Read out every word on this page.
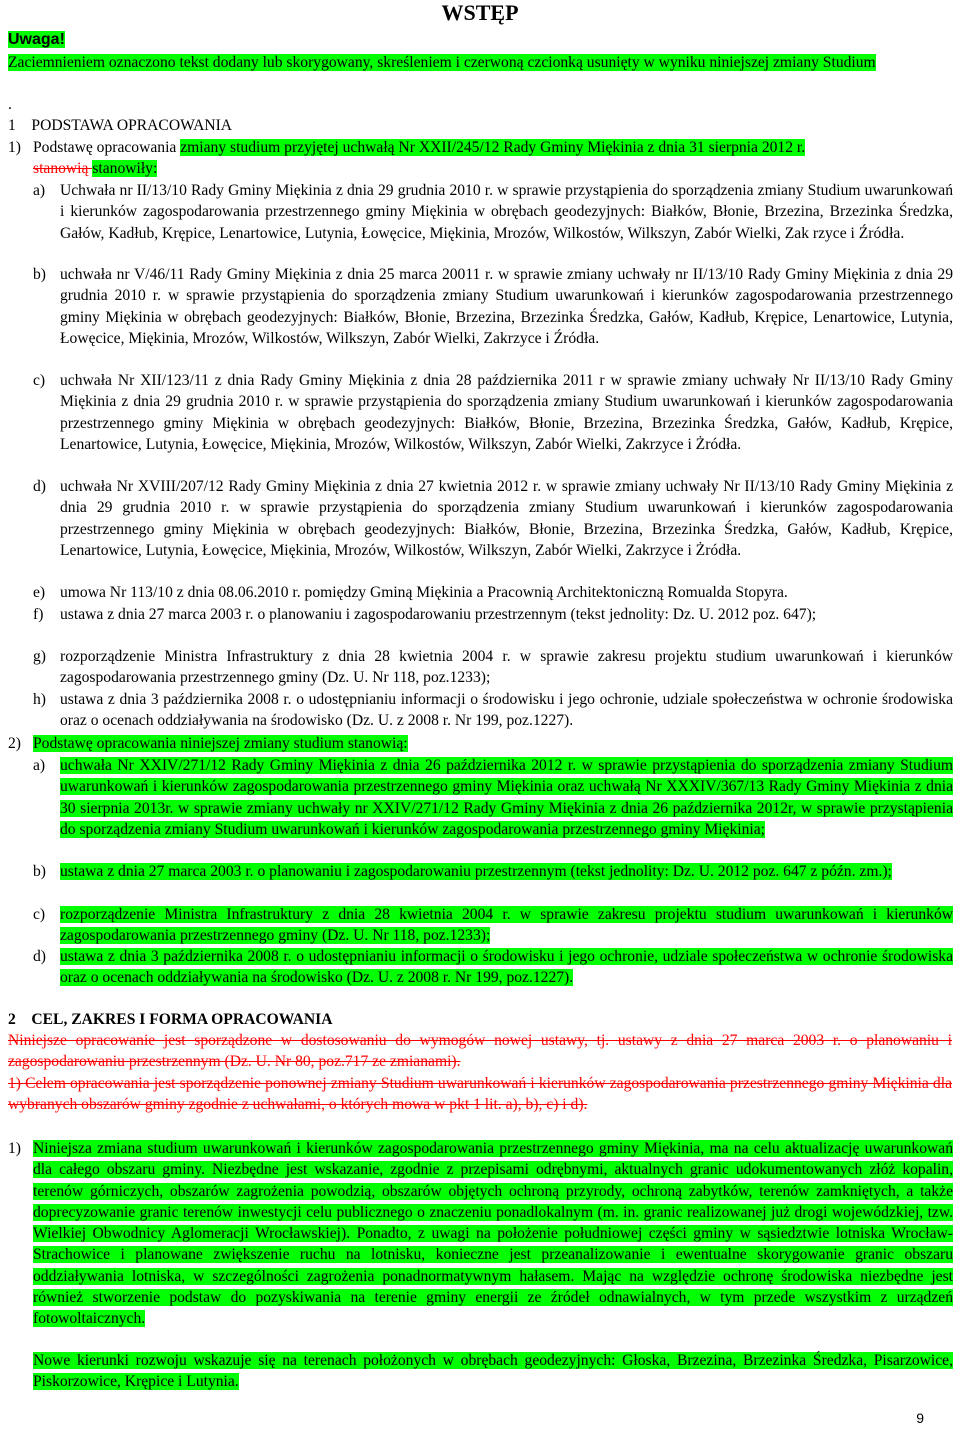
WSTĘP
Uwaga!
Zaciemnieniem oznaczono tekst dodany lub skorygowany, skreśleniem i czerwoną czcionką usunięty w wyniku niniejszej zmiany Studium
.
1    PODSTAWA OPRACOWANIA
1) Podstawę opracowania zmiany studium przyjętej uchwałą Nr XXII/245/12 Rady Gminy Miękinia z dnia 31 sierpnia 2012 r.
stanowią stanowiły:
a) Uchwała nr II/13/10 Rady Gminy Miękinia z dnia 29 grudnia 2010 r. w sprawie przystąpienia do sporządzenia zmiany Studium uwarunkowań i kierunków zagospodarowania przestrzennego gminy Miękinia w obrębach geodezyjnych: Białków, Błonie, Brzezina, Brzezinka Średzka, Gałów, Kadłub, Krępice, Lenartowice, Lutynia, Łowęcice, Miękinia, Mrozów, Wilkostów, Wilkszyn, Zabór Wielki, Zak rzyce i Źródła.
b) uchwała nr V/46/11 Rady Gminy Miękinia z dnia 25 marca 20011 r. w sprawie zmiany uchwały nr II/13/10 Rady Gminy Miękinia z dnia 29 grudnia 2010 r. w sprawie przystąpienia do sporządzenia zmiany Studium uwarunkowań i kierunków zagospodarowania przestrzennego gminy Miękinia w obrębach geodezyjnych: Białków, Błonie, Brzezina, Brzezinka Średzka, Gałów, Kadłub, Krępice, Lenartowice, Lutynia, Łowęcice, Miękinia, Mrozów, Wilkostów, Wilkszyn, Zabór Wielki, Zakrzyce i Źródła.
c) uchwała Nr XII/123/11 z dnia Rady Gminy Miękinia z dnia 28 października 2011 r w sprawie zmiany uchwały Nr II/13/10 Rady Gminy Miękinia z dnia 29 grudnia 2010 r. w sprawie przystąpienia do sporządzenia zmiany Studium uwarunkowań i kierunków zagospodarowania przestrzennego gminy Miękinia w obrębach geodezyjnych: Białków, Błonie, Brzezina, Brzezinka Średzka, Gałów, Kadłub, Krępice, Lenartowice, Lutynia, Łowęcice, Miękinia, Mrozów, Wilkostów, Wilkszyn, Zabór Wielki, Zakrzyce i Żródła.
d) uchwała Nr XVIII/207/12 Rady Gminy Miękinia z dnia 27 kwietnia 2012 r. w sprawie zmiany uchwały Nr II/13/10 Rady Gminy Miękinia z dnia 29 grudnia 2010 r. w sprawie przystąpienia do sporządzenia zmiany Studium uwarunkowań i kierunków zagospodarowania przestrzennego gminy Miękinia w obrębach geodezyjnych: Białków, Błonie, Brzezina, Brzezinka Średzka, Gałów, Kadłub, Krępice, Lenartowice, Lutynia, Łowęcice, Miękinia, Mrozów, Wilkostów, Wilkszyn, Zabór Wielki, Zakrzyce i Żródła.
e) umowa Nr 113/10 z dnia 08.06.2010 r. pomiędzy Gminą Miękinia a Pracownią Architektoniczną Romualda Stopyra.
f) ustawa z dnia 27 marca 2003 r. o planowaniu i zagospodarowaniu przestrzennym (tekst jednolity: Dz. U. 2012 poz. 647);
g) rozporządzenie Ministra Infrastruktury z dnia 28 kwietnia 2004 r. w sprawie zakresu projektu studium uwarunkowań i kierunków zagospodarowania przestrzennego gminy (Dz. U. Nr 118, poz.1233);
h) ustawa z dnia 3 października 2008 r. o udostępnianiu informacji o środowisku i jego ochronie, udziale społeczeństwa w ochronie środowiska oraz o ocenach oddziaływania na środowisko (Dz. U. z 2008 r. Nr 199, poz.1227).
2) Podstawę opracowania niniejszej zmiany studium stanowią:
a) uchwała Nr XXIV/271/12 Rady Gminy Miękinia z dnia 26 października 2012 r. w sprawie przystąpienia do sporządzenia zmiany Studium uwarunkowań i kierunków zagospodarowania przestrzennego gminy Miękinia oraz uchwałą Nr XXXIV/367/13 Rady Gminy Miękinia z dnia 30 sierpnia 2013r. w sprawie zmiany uchwały nr XXIV/271/12 Rady Gminy Miękinia z dnia 26 października 2012r, w sprawie przystąpienia do sporządzenia zmiany Studium uwarunkowań i kierunków zagospodarowania przestrzennego gminy Miękinia;
b) ustawa z dnia 27 marca 2003 r. o planowaniu i zagospodarowaniu przestrzennym (tekst jednolity: Dz. U. 2012 poz. 647 z późn. zm.);
c) rozporządzenie Ministra Infrastruktury z dnia 28 kwietnia 2004 r. w sprawie zakresu projektu studium uwarunkowań i kierunków zagospodarowania przestrzennego gminy (Dz. U. Nr 118, poz.1233);
d) ustawa z dnia 3 października 2008 r. o udostępnianiu informacji o środowisku i jego ochronie, udziale społeczeństwa w ochronie środowiska oraz o ocenach oddziaływania na środowisko (Dz. U. z 2008 r. Nr 199, poz.1227).
2    CEL, ZAKRES I FORMA OPRACOWANIA
Niniejsze opracowanie jest sporządzone w dostosowaniu do wymogów nowej ustawy, tj. ustawy z dnia 27 marca 2003 r. o planowaniu i zagospodarowaniu przestrzennym (Dz. U. Nr 80, poz.717 ze zmianami).
1) Celem opracowania jest sporządzenie ponownej zmiany Studium uwarunkowań i kierunków zagospodarowania przestrzennego gminy Miękinia dla wybranych obszarów gminy zgodnie z uchwałami, o których mowa w pkt 1 lit. a), b), c) i d).
1) Niniejsza zmiana studium uwarunkowań i kierunków zagospodarowania przestrzennego gminy Miękinia, ma na celu aktualizację uwarunkowań dla całego obszaru gminy. Niezbędne jest wskazanie, zgodnie z przepisami odrębnymi, aktualnych granic udokumentowanych złóż kopalin, terenów górniczych, obszarów zagrożenia powodzią, obszarów objętych ochroną przyrody, ochroną zabytków, terenów zamkniętych, a także doprecyzowanie granic terenów inwestycji celu publicznego o znaczeniu ponadlokalnym (m. in. granic realizowanej już drogi wojewódzkiej, tzw. Wielkiej Obwodnicy Aglomeracji Wrocławskiej). Ponadto, z uwagi na położenie południowej części gminy w sąsiedztwie lotniska Wrocław-Strachowice i planowane zwiększenie ruchu na lotnisku, konieczne jest przeanalizowanie i ewentualne skorygowanie granic obszaru oddziaływania lotniska, w szczególności zagrożenia ponadnormatywnym hałasem. Mając na względzie ochronę środowiska niezbędne jest również stworzenie podstaw do pozyskiwania na terenie gminy energii ze źródeł odnawialnych, w tym przede wszystkim z urządzeń fotowoltaicznych.
Nowe kierunki rozwoju wskazuje się na terenach położonych w obrębach geodezyjnych: Głoska, Brzezina, Brzezinka Średzka, Pisarzowice, Piskorzowice, Krępice i Lutynia.
9
